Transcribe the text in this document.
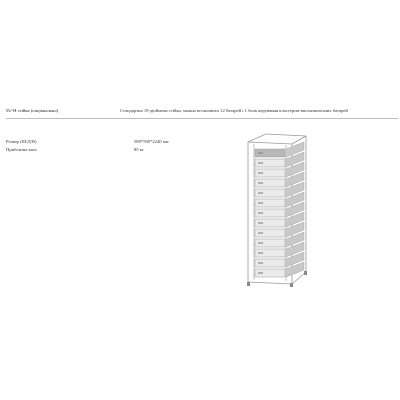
5U-H стійка (опціонально)	Стандартна 19-дюймова стійка, можна встановити 12 батарей і 1 блок керування кластером високовольтних батарей
Розмір (Ш/Д/В)	589*590*2240 мм
Приблизна вага	85 кг
